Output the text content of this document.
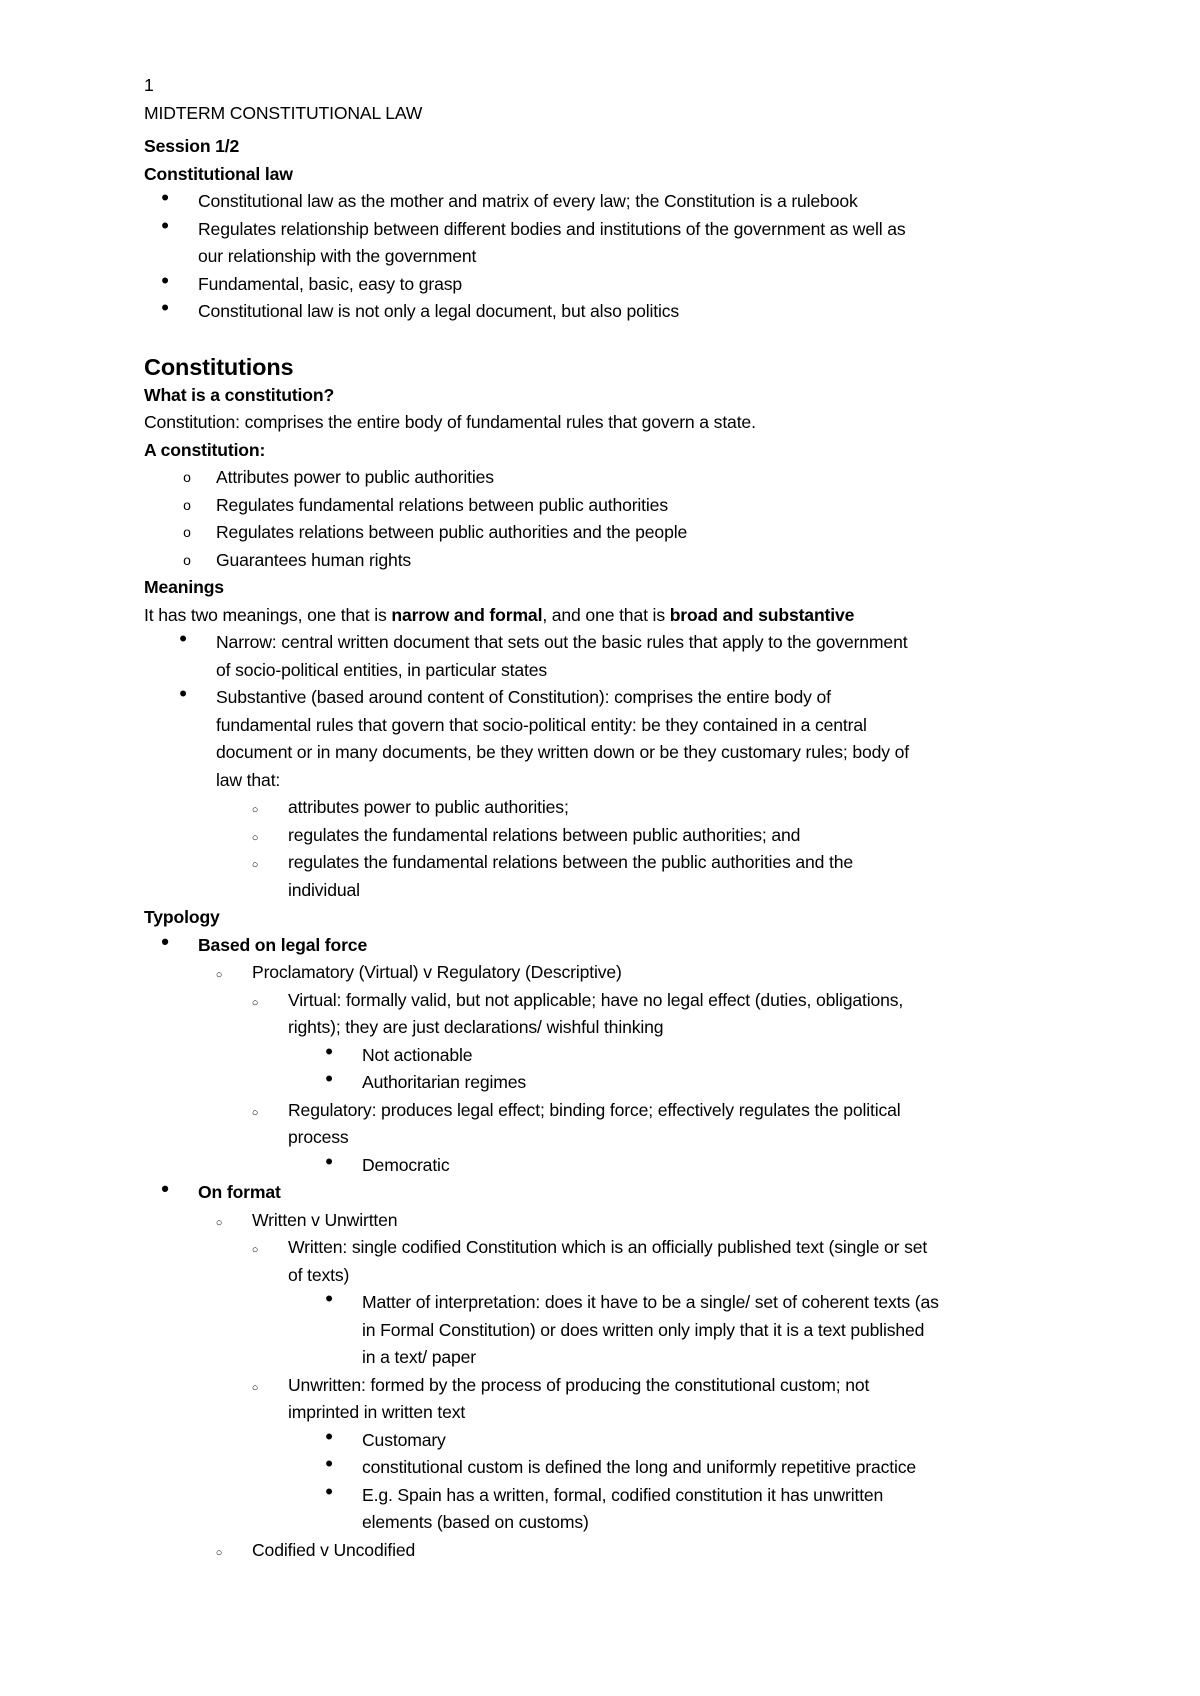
1
MIDTERM CONSTITUTIONAL LAW
Session 1/2
Constitutional law
•
Constitutional law as the mother and matrix of every law; the Constitution is a rulebook
•
Regulates relationship between different bodies and institutions of the government as well as
our relationship with the government
•
Fundamental, basic, easy to grasp
•
Constitutional law is not only a legal document, but also politics
Constitutions
What is a constitution?
Constitution: comprises the entire body of fundamental rules that govern a state.
A constitution:
o
Attributes power to public authorities
o
Regulates fundamental relations between public authorities
o
Regulates relations between public authorities and the people
o
Guarantees human rights
Meanings
It has two meanings, one that is narrow and formal, and one that is broad and substantive
•
Narrow: central written document that sets out the basic rules that apply to the government
of socio-political entities, in particular states
•
Substantive (based around content of Constitution): comprises the entire body of
fundamental rules that govern that socio-political entity: be they contained in a central
document or in many documents, be they written down or be they customary rules; body of
law that:
○
attributes power to public authorities;
○
regulates the fundamental relations between public authorities; and
○
regulates the fundamental relations between the public authorities and the
individual
Typology
•
Based on legal force
○
Proclamatory (Virtual) v Regulatory (Descriptive)
○
Virtual: formally valid, but not applicable; have no legal effect (duties, obligations,
rights); they are just declarations/ wishful thinking
•
Not actionable
•
Authoritarian regimes
○
Regulatory: produces legal effect; binding force; effectively regulates the political
process
•
Democratic
•
On format
○
Written v Unwirtten
○
Written: single codified Constitution which is an officially published text (single or set
of texts)
•
Matter of interpretation: does it have to be a single/ set of coherent texts (as
in Formal Constitution) or does written only imply that it is a text published
in a text/ paper
○
Unwritten: formed by the process of producing the constitutional custom; not
imprinted in written text
•
Customary
•
constitutional custom is defined the long and uniformly repetitive practice
•
E.g. Spain has a written, formal, codified constitution it has unwritten
elements (based on customs)
○
Codified v Uncodified
